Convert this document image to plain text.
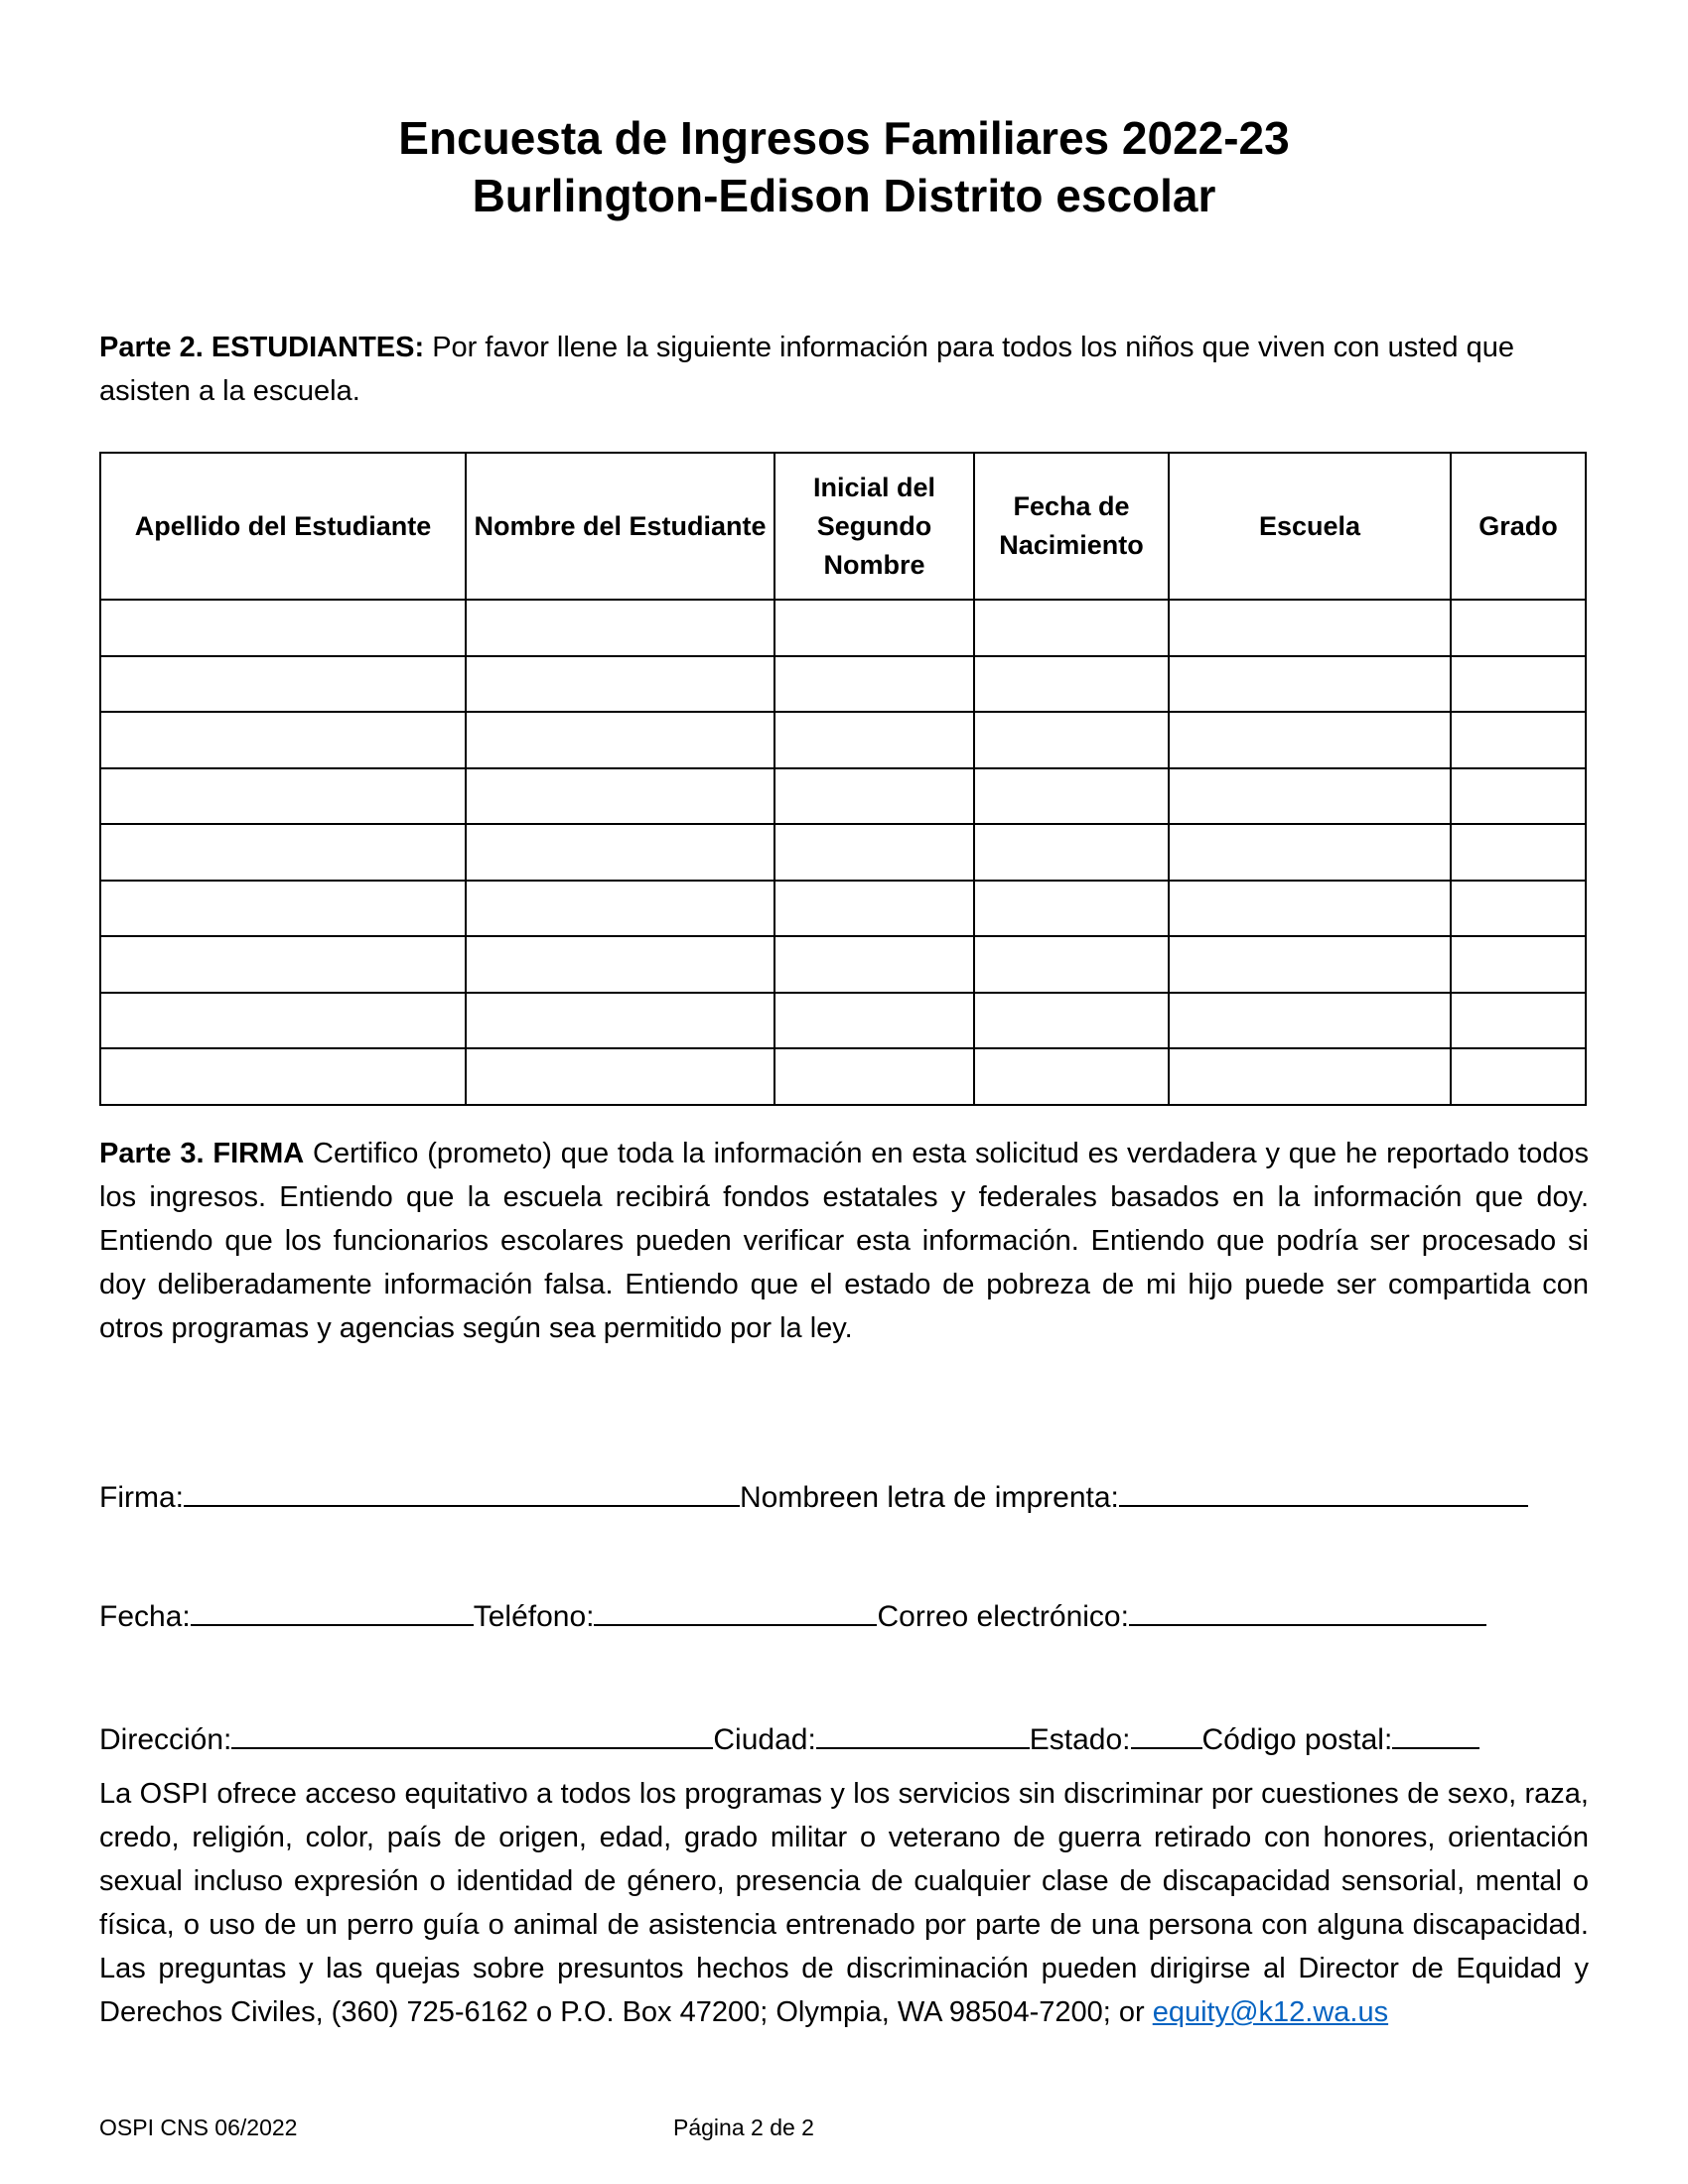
Encuesta de Ingresos Familiares 2022-23
Burlington-Edison Distrito escolar
Parte 2. ESTUDIANTES: Por favor llene la siguiente información para todos los niños que viven con usted que asisten a la escuela.
Apellido del Estudiante	Nombre del Estudiante	Inicial del Segundo Nombre	Fecha de Nacimiento	Escuela	Grado

Parte 3. FIRMA Certifico (prometo) que toda la información en esta solicitud es verdadera y que he reportado todos los ingresos. Entiendo que la escuela recibirá fondos estatales y federales basados en la información que doy. Entiendo que los funcionarios escolares pueden verificar esta información. Entiendo que podría ser procesado si doy deliberadamente información falsa. Entiendo que el estado de pobreza de mi hijo puede ser compartida con otros programas y agencias según sea permitido por la ley.
Firma:	Nombreen letra de imprenta:
Fecha:	Teléfono:	Correo electrónico:
Dirección:	Ciudad:	Estado:Código postal:
La OSPI ofrece acceso equitativo a todos los programas y los servicios sin discriminar por cuestiones de sexo, raza, credo, religión, color, país de origen, edad, grado militar o veterano de guerra retirado con honores, orientación sexual incluso expresión o identidad de género, presencia de cualquier clase de discapacidad sensorial, mental o física, o uso de un perro guía o animal de asistencia entrenado por parte de una persona con alguna discapacidad. Las preguntas y las quejas sobre presuntos hechos de discriminación pueden dirigirse al Director de Equidad y Derechos Civiles, (360) 725-6162 o P.O. Box 47200; Olympia, WA 98504-7200; or equity@k12.wa.us
OSPI CNS 06/2022	Página 2 de 2
